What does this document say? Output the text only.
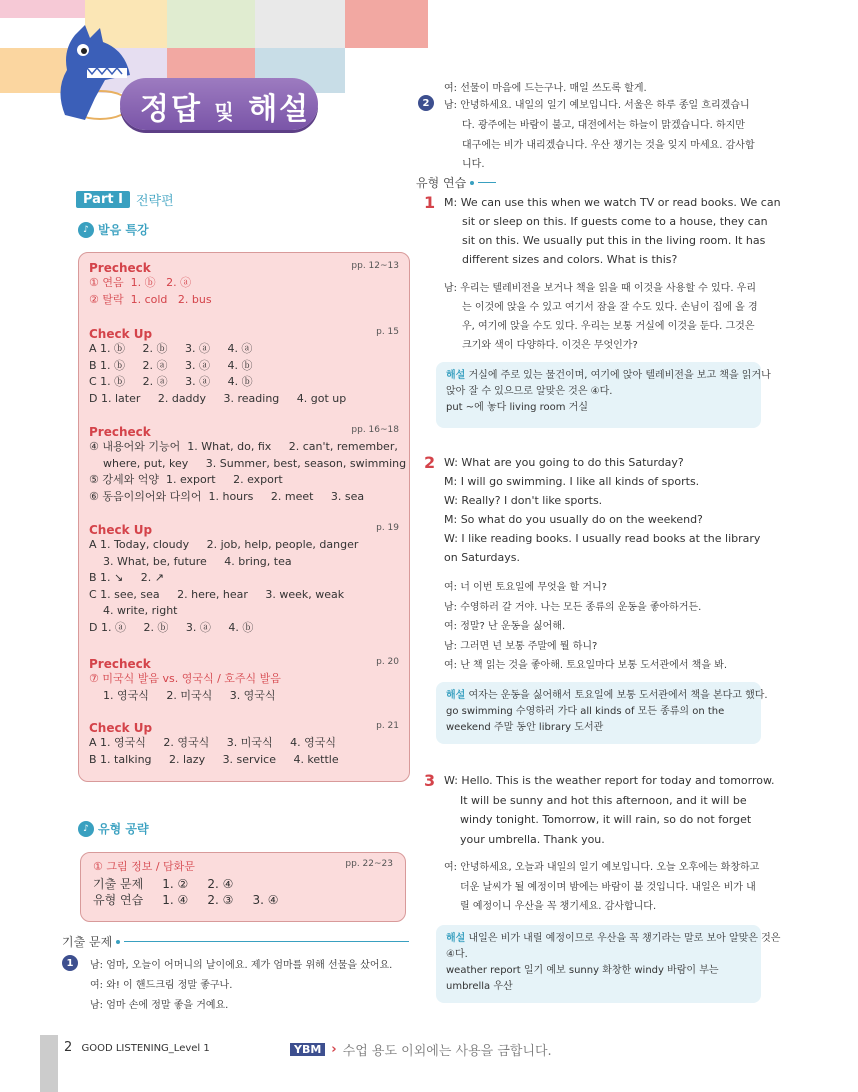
정답 및 해설
Part I	전략편
♪ 발음 특강
Precheck	pp. 12~13
① 연음  1. ⓑ   2. ⓐ
② 탈락  1. cold   2. bus
Check Up	p. 15
A 1. ⓑ     2. ⓑ     3. ⓐ     4. ⓐ
B 1. ⓑ     2. ⓐ     3. ⓐ     4. ⓑ
C 1. ⓑ     2. ⓐ     3. ⓐ     4. ⓑ
D 1. later     2. daddy     3. reading     4. got up
Precheck	pp. 16~18
④ 내용어와 기능어  1. What, do, fix     2. can't, remember,
where, put, key     3. Summer, best, season, swimming
⑤ 강세와 억양  1. export     2. export
⑥ 동음이의어와 다의어  1. hours     2. meet     3. sea
Check Up	p. 19
A 1. Today, cloudy     2. job, help, people, danger
3. What, be, future     4. bring, tea
B 1. ↘     2. ↗
C 1. see, sea     2. here, hear     3. week, weak
4. write, right
D 1. ⓐ     2. ⓑ     3. ⓐ     4. ⓑ
Precheck	p. 20
⑦ 미국식 발음 vs. 영국식 / 호주식 발음
1. 영국식     2. 미국식     3. 영국식
Check Up	p. 21
A 1. 영국식     2. 영국식     3. 미국식     4. 영국식
B 1. talking     2. lazy     3. service     4. kettle
♪ 유형 공략
① 그림 정보 / 담화문	pp. 22~23
기출 문제     1. ②     2. ④
유형 연습     1. ④     2. ③     3. ④
기출 문제
1	남: 엄마, 오늘이 어머니의 날이에요. 제가 엄마를 위해 선물을 샀어요.
여: 와! 이 핸드크림 정말 좋구나.
남: 엄마 손에 정말 좋을 거예요.
여: 선물이 마음에 드는구나. 매일 쓰도록 할게.
2	남: 안녕하세요. 내일의 일기 예보입니다. 서울은 하루 종일 흐리겠습니
다. 광주에는 바람이 불고, 대전에서는 하늘이 맑겠습니다. 하지만
대구에는 비가 내리겠습니다. 우산 챙기는 것을 잊지 마세요. 감사합
니다.
유형 연습
1 M: We can use this when we watch TV or read books. We can
sit or sleep on this. If guests come to a house, they can
sit on this. We usually put this in the living room. It has
different sizes and colors. What is this?
남: 우리는 텔레비전을 보거나 책을 읽을 때 이것을 사용할 수 있다. 우리
는 이것에 앉을 수 있고 여기서 잠을 잘 수도 있다. 손님이 집에 올 경
우, 여기에 앉을 수도 있다. 우리는 보통 거실에 이것을 둔다. 그것은
크기와 색이 다양하다. 이것은 무엇인가?
해설 거실에 주로 있는 물건이며, 여기에 앉아 텔레비전을 보고 책을 읽거나
앉아 잘 수 있으므로 알맞은 것은 ④다.
put ~에 놓다 living room 거실
2 W: What are you going to do this Saturday?
M: I will go swimming. I like all kinds of sports.
W: Really? I don't like sports.
M: So what do you usually do on the weekend?
W: I like reading books. I usually read books at the library
on Saturdays.
여: 너 이번 토요일에 무엇을 할 거니?
남: 수영하러 갈 거야. 나는 모든 종류의 운동을 좋아하거든.
여: 정말? 난 운동을 싫어해.
남: 그러면 넌 보통 주말에 뭘 하니?
여: 난 책 읽는 것을 좋아해. 토요일마다 보통 도서관에서 책을 봐.
해설 여자는 운동을 싫어해서 토요일에 보통 도서관에서 책을 본다고 했다.
go swimming 수영하러 가다 all kinds of 모든 종류의 on the
weekend 주말 동안 library 도서관
3 W: Hello. This is the weather report for today and tomorrow.
It will be sunny and hot this afternoon, and it will be
windy tonight. Tomorrow, it will rain, so do not forget
your umbrella. Thank you.
여: 안녕하세요, 오늘과 내일의 일기 예보입니다. 오늘 오후에는 화창하고
더운 날씨가 될 예정이며 밤에는 바람이 불 것입니다. 내일은 비가 내
릴 예정이니 우산을 꼭 챙기세요. 감사합니다.
해설 내일은 비가 내릴 예정이므로 우산을 꼭 챙기라는 말로 보아 알맞은 것은
④다.
weather report 일기 예보 sunny 화창한 windy 바람이 부는
umbrella 우산
2 GOOD LISTENING_Level 1	YBM › 수업 용도 이외에는 사용을 금합니다.
